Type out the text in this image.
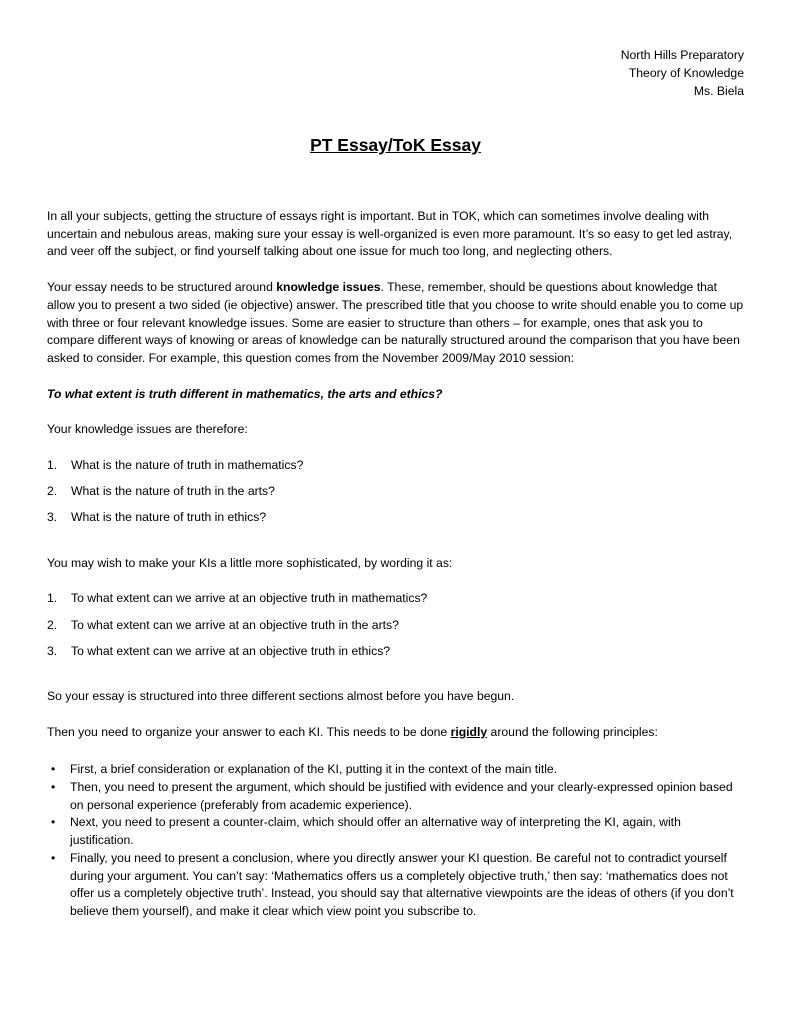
North Hills Preparatory
Theory of Knowledge
Ms. Biela
PT Essay/ToK Essay

In all your subjects, getting the structure of essays right is important. But in TOK, which can sometimes involve dealing with uncertain and nebulous areas, making sure your essay is well-organized is even more paramount. It’s so easy to get led astray, and veer off the subject, or find yourself talking about one issue for much too long, and neglecting others.

Your essay needs to be structured around knowledge issues. These, remember, should be questions about knowledge that allow you to present a two sided (ie objective) answer. The prescribed title that you choose to write should enable you to come up with three or four relevant knowledge issues. Some are easier to structure than others – for example, ones that ask you to compare different ways of knowing or areas of knowledge can be naturally structured around the comparison that you have been asked to consider. For example, this question comes from the November 2009/May 2010 session:

To what extent is truth different in mathematics, the arts and ethics?

Your knowledge issues are therefore:

1. What is the nature of truth in mathematics?
2. What is the nature of truth in the arts?
3. What is the nature of truth in ethics?

You may wish to make your KIs a little more sophisticated, by wording it as:

1. To what extent can we arrive at an objective truth in mathematics?
2. To what extent can we arrive at an objective truth in the arts?
3. To what extent can we arrive at an objective truth in ethics?

So your essay is structured into three different sections almost before you have begun.

Then you need to organize your answer to each KI. This needs to be done rigidly around the following principles:

• First, a brief consideration or explanation of the KI, putting it in the context of the main title.
• Then, you need to present the argument, which should be justified with evidence and your clearly-expressed opinion based on personal experience (preferably from academic experience).
• Next, you need to present a counter-claim, which should offer an alternative way of interpreting the KI, again, with justification.
• Finally, you need to present a conclusion, where you directly answer your KI question. Be careful not to contradict yourself during your argument. You can’t say: ‘Mathematics offers us a completely objective truth,’ then say: ‘mathematics does not offer us a completely objective truth’. Instead, you should say that alternative viewpoints are the ideas of others (if you don’t believe them yourself), and make it clear which view point you subscribe to.
